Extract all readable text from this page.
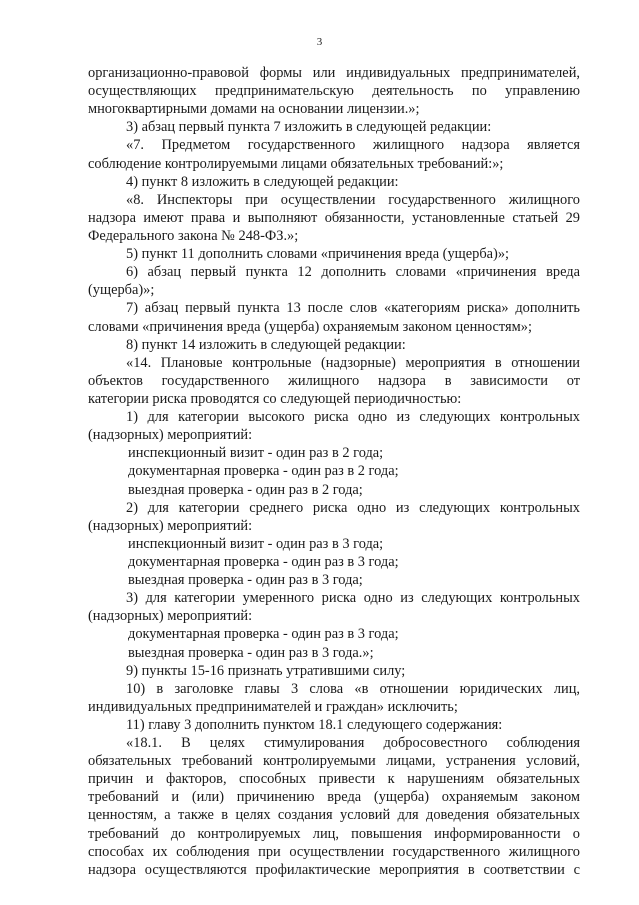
3
организационно-правовой формы или индивидуальных предпринимателей,
осуществляющих предпринимательскую деятельность по управлению
многоквартирными домами на основании лицензии.»;
3) абзац первый пункта 7 изложить в следующей редакции:
«7. Предметом государственного жилищного надзора является
соблюдение контролируемыми лицами обязательных требований:»;
4) пункт 8 изложить в следующей редакции:
«8. Инспекторы при осуществлении государственного жилищного
надзора имеют права и выполняют обязанности, установленные статьей 29
Федерального закона № 248-ФЗ.»;
5) пункт 11 дополнить словами «причинения вреда (ущерба)»;
6) абзац первый пункта 12 дополнить словами «причинения вреда
(ущерба)»;
7) абзац первый пункта 13 после слов «категориям риска» дополнить
словами «причинения вреда (ущерба) охраняемым законом ценностям»;
8) пункт 14 изложить в следующей редакции:
«14. Плановые контрольные (надзорные) мероприятия в отношении
объектов государственного жилищного надзора в зависимости от
категории риска проводятся со следующей периодичностью:
1) для категории высокого риска одно из следующих контрольных
(надзорных) мероприятий:
инспекционный визит - один раз в 2 года;
документарная проверка - один раз в 2 года;
выездная проверка - один раз в 2 года;
2) для категории среднего риска одно из следующих контрольных
(надзорных) мероприятий:
инспекционный визит - один раз в 3 года;
документарная проверка - один раз в 3 года;
выездная проверка - один раз в 3 года;
3) для категории умеренного риска одно из следующих контрольных
(надзорных) мероприятий:
документарная проверка - один раз в 3 года;
выездная проверка - один раз в 3 года.»;
9) пункты 15-16 признать утратившими силу;
10) в заголовке главы 3 слова «в отношении юридических лиц,
индивидуальных предпринимателей и граждан» исключить;
11) главу 3 дополнить пунктом 18.1 следующего содержания:
«18.1. В целях стимулирования добросовестного соблюдения
обязательных требований контролируемыми лицами, устранения условий,
причин и факторов, способных привести к нарушениям обязательных
требований и (или) причинению вреда (ущерба) охраняемым законом
ценностям, а также в целях создания условий для доведения обязательных
требований до контролируемых лиц, повышения информированности о
способах их соблюдения при осуществлении государственного жилищного
надзора осуществляются профилактические мероприятия в соответствии с
